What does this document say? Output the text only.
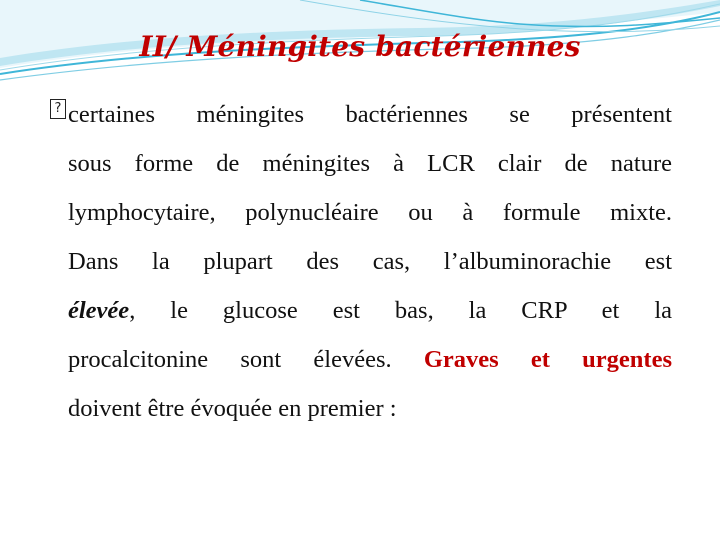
II/ Méningites bactériennes
? certaines méningites bactériennes se présentent
sous forme de méningites à LCR clair de nature
lymphocytaire, polynucléaire ou à formule mixte.
Dans la plupart des cas, l’albuminorachie est
élevée, le glucose est bas, la CRP et la
procalcitonine sont élevées. Graves et urgentes
doivent être évoquée en premier :
